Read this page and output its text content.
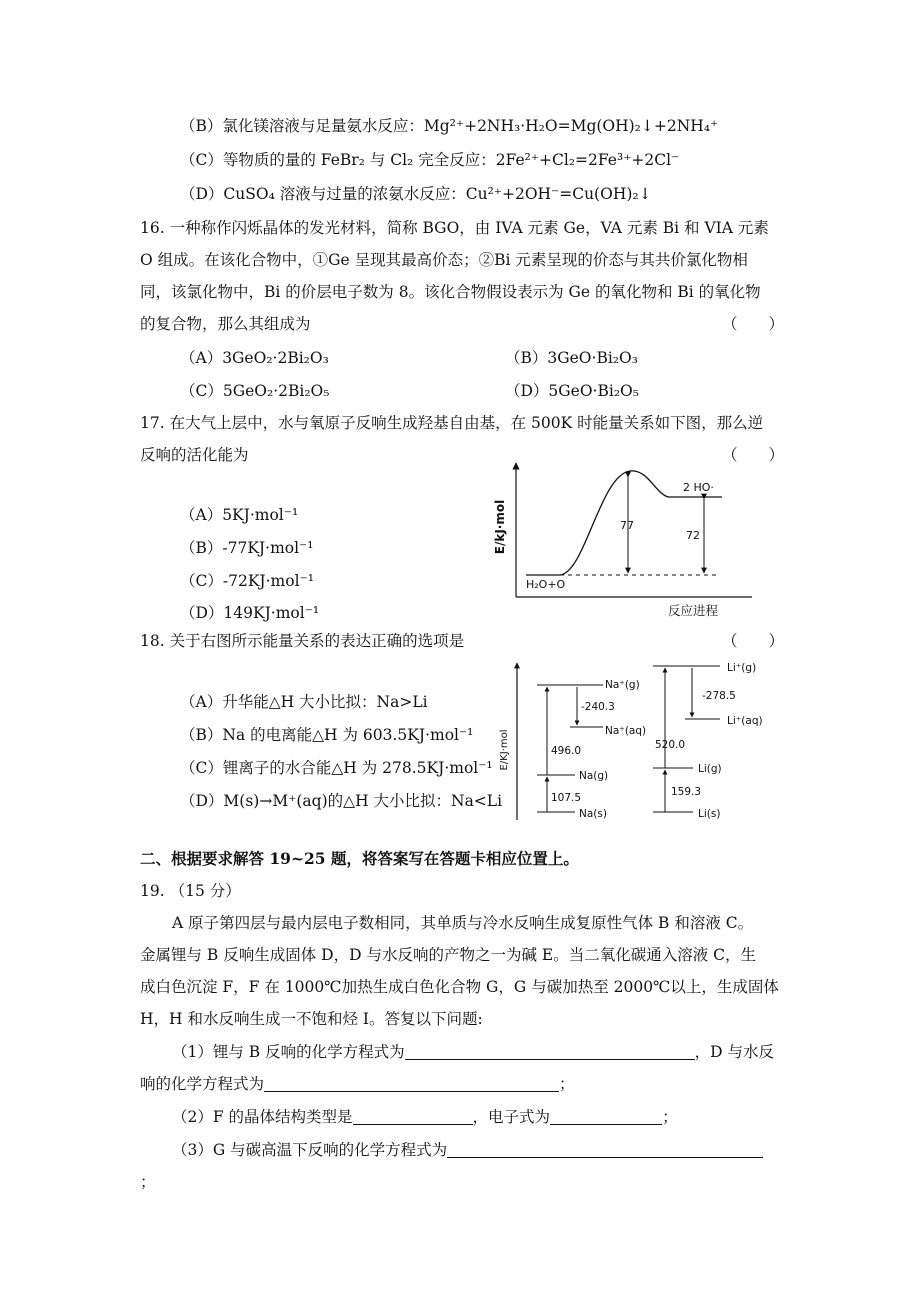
（B）氯化镁溶液与足量氨水反应：Mg²⁺+2NH₃·H₂O=Mg(OH)₂↓+2NH₄⁺
（C）等物质的量的 FeBr₂ 与 Cl₂ 完全反应：2Fe²⁺+Cl₂=2Fe³⁺+2Cl⁻
（D）CuSO₄ 溶液与过量的浓氨水反应：Cu²⁺+2OH⁻=Cu(OH)₂↓
16. 一种称作闪烁晶体的发光材料，简称 BGO，由 IVA 元素 Ge，VA 元素 Bi 和 VIA 元素
O 组成。在该化合物中，①Ge 呈现其最高价态；②Bi 元素呈现的价态与其共价氯化物相
同，该氯化物中，Bi 的价层电子数为 8。该化合物假设表示为 Ge 的氧化物和 Bi 的氧化物
的复合物，那么其组成为	（　　）
（A）3GeO₂·2Bi₂O₃	（B）3GeO·Bi₂O₃
（C）5GeO₂·2Bi₂O₅	（D）5GeO·Bi₂O₅
17. 在大气上层中，水与氧原子反响生成羟基自由基，在 500K 时能量关系如下图，那么逆
反响的活化能为	（　　）
（A）5KJ·mol⁻¹
（B）-77KJ·mol⁻¹
（C）-72KJ·mol⁻¹
（D）149KJ·mol⁻¹
E/kJ·mol
反应进程
77
72
2 HO·
H₂O+O
18. 关于右图所示能量关系的表达正确的选项是	（　　）
（A）升华能△H 大小比拟：Na>Li
（B）Na 的电离能△H 为 603.5KJ·mol⁻¹
（C）锂离子的水合能△H 为 278.5KJ·mol⁻¹
（D）M(s)→M⁺(aq)的△H 大小比拟：Na<Li
E/KJ·mol
Na⁺(g)
Na⁺(aq)
Na(g)
Na(s)
-240.3
496.0
107.5
Li⁺(g)
Li⁺(aq)
Li(g)
Li(s)
-278.5
520.0
159.3
二、根据要求解答 19~25 题，将答案写在答题卡相应位置上。
19. （15 分）
A 原子第四层与最内层电子数相同，其单质与冷水反响生成复原性气体 B 和溶液 C。
金属锂与 B 反响生成固体 D，D 与水反响的产物之一为碱 E。当二氧化碳通入溶液 C，生
成白色沉淀 F，F 在 1000℃加热生成白色化合物 G，G 与碳加热至 2000℃以上，生成固体
H，H 和水反响生成一不饱和烃 I。答复以下问题:
（1）锂与 B 反响的化学方程式为	，D 与水反
响的化学方程式为	；
（2）F 的晶体结构类型是	，电子式为	；
（3）G 与碳高温下反响的化学方程式为
；
